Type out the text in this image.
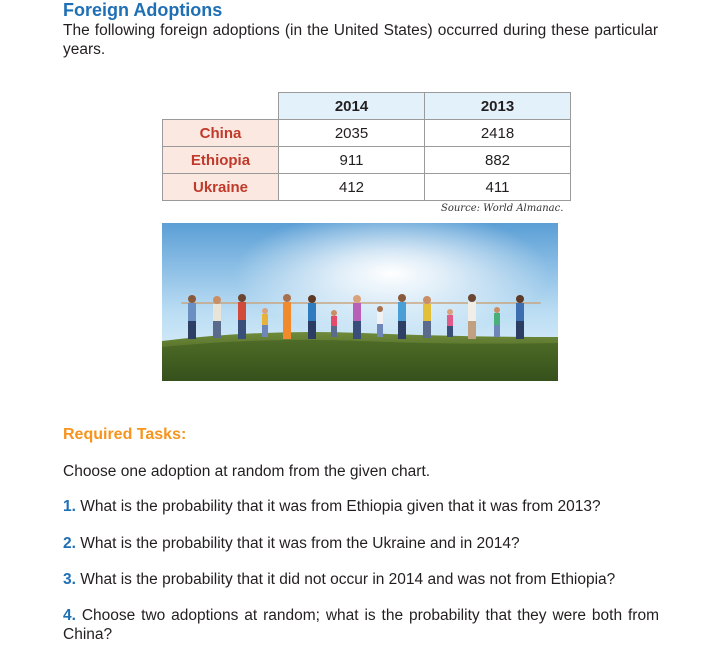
Foreign Adoptions
The following foreign adoptions (in the United States) occurred during these particular years.
	2014	2013
China	2035	2418
Ethiopia	911	882
Ukraine	412	411
Source: World Almanac.
Required Tasks:
Choose one adoption at random from the given chart.
1. What is the probability that it was from Ethiopia given that it was from 2013?
2. What is the probability that it was from the Ukraine and in 2014?
3. What is the probability that it did not occur in 2014 and was not from Ethiopia?
4. Choose two adoptions at random; what is the probability that they were both from China?
